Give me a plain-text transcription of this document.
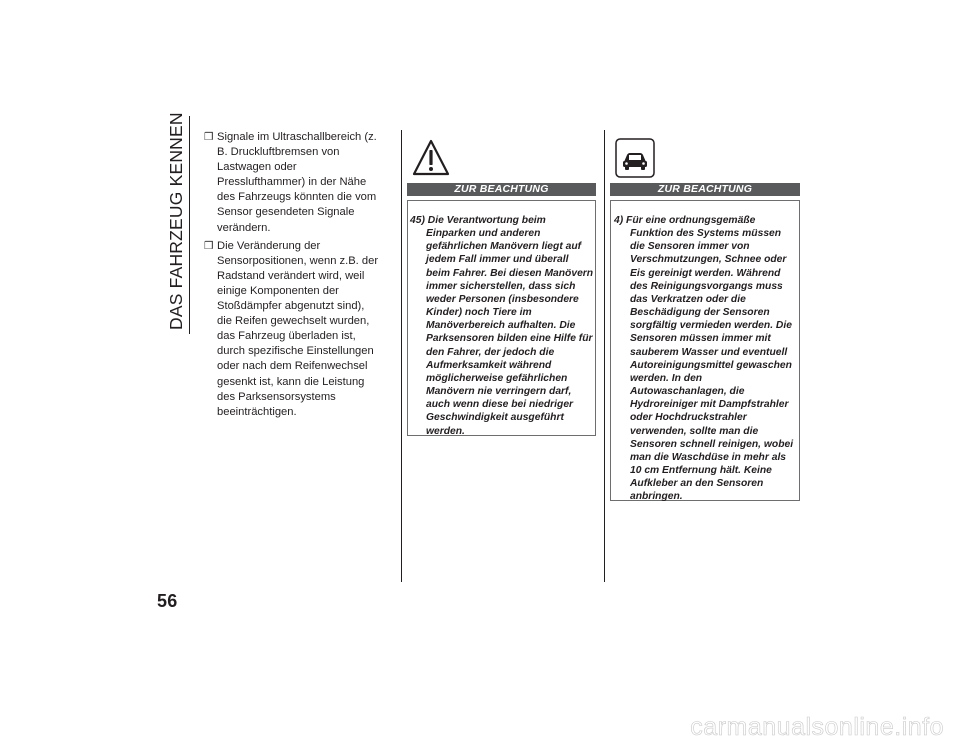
DAS FAHRZEUG KENNEN
56
❒ Signale im Ultraschallbereich (z. B. Druckluftbremsen von Lastwagen oder Presslufthammer) in der Nähe des Fahrzeugs könnten die vom Sensor gesendeten Signale verändern.
❒ Die Veränderung der Sensorpositionen, wenn z.B. der Radstand verändert wird, weil einige Komponenten der Stoßdämpfer abgenutzt sind), die Reifen gewechselt wurden, das Fahrzeug überladen ist, durch spezifische Einstellungen oder nach dem Reifenwechsel gesenkt ist, kann die Leistung des Parksensorsystems beeinträchtigen.
ZUR BEACHTUNG
45) Die Verantwortung beim Einparken und anderen gefährlichen Manövern liegt auf jedem Fall immer und überall beim Fahrer. Bei diesen Manövern immer sicherstellen, dass sich weder Personen (insbesondere Kinder) noch Tiere im Manöverbereich aufhalten. Die Parksensoren bilden eine Hilfe für den Fahrer, der jedoch die Aufmerksamkeit während möglicherweise gefährlichen Manövern nie verringern darf, auch wenn diese bei niedriger Geschwindigkeit ausgeführt werden.
ZUR BEACHTUNG
4) Für eine ordnungsgemäße Funktion des Systems müssen die Sensoren immer von Verschmutzungen, Schnee oder Eis gereinigt werden. Während des Reinigungsvorgangs muss das Verkratzen oder die Beschädigung der Sensoren sorgfältig vermieden werden. Die Sensoren müssen immer mit sauberem Wasser und eventuell Autoreinigungsmittel gewaschen werden. In den Autowaschanlagen, die Hydroreiniger mit Dampfstrahler oder Hochdruckstrahler verwenden, sollte man die Sensoren schnell reinigen, wobei man die Waschdüse in mehr als 10 cm Entfernung hält. Keine Aufkleber an den Sensoren anbringen.
carmanualsonline.info
